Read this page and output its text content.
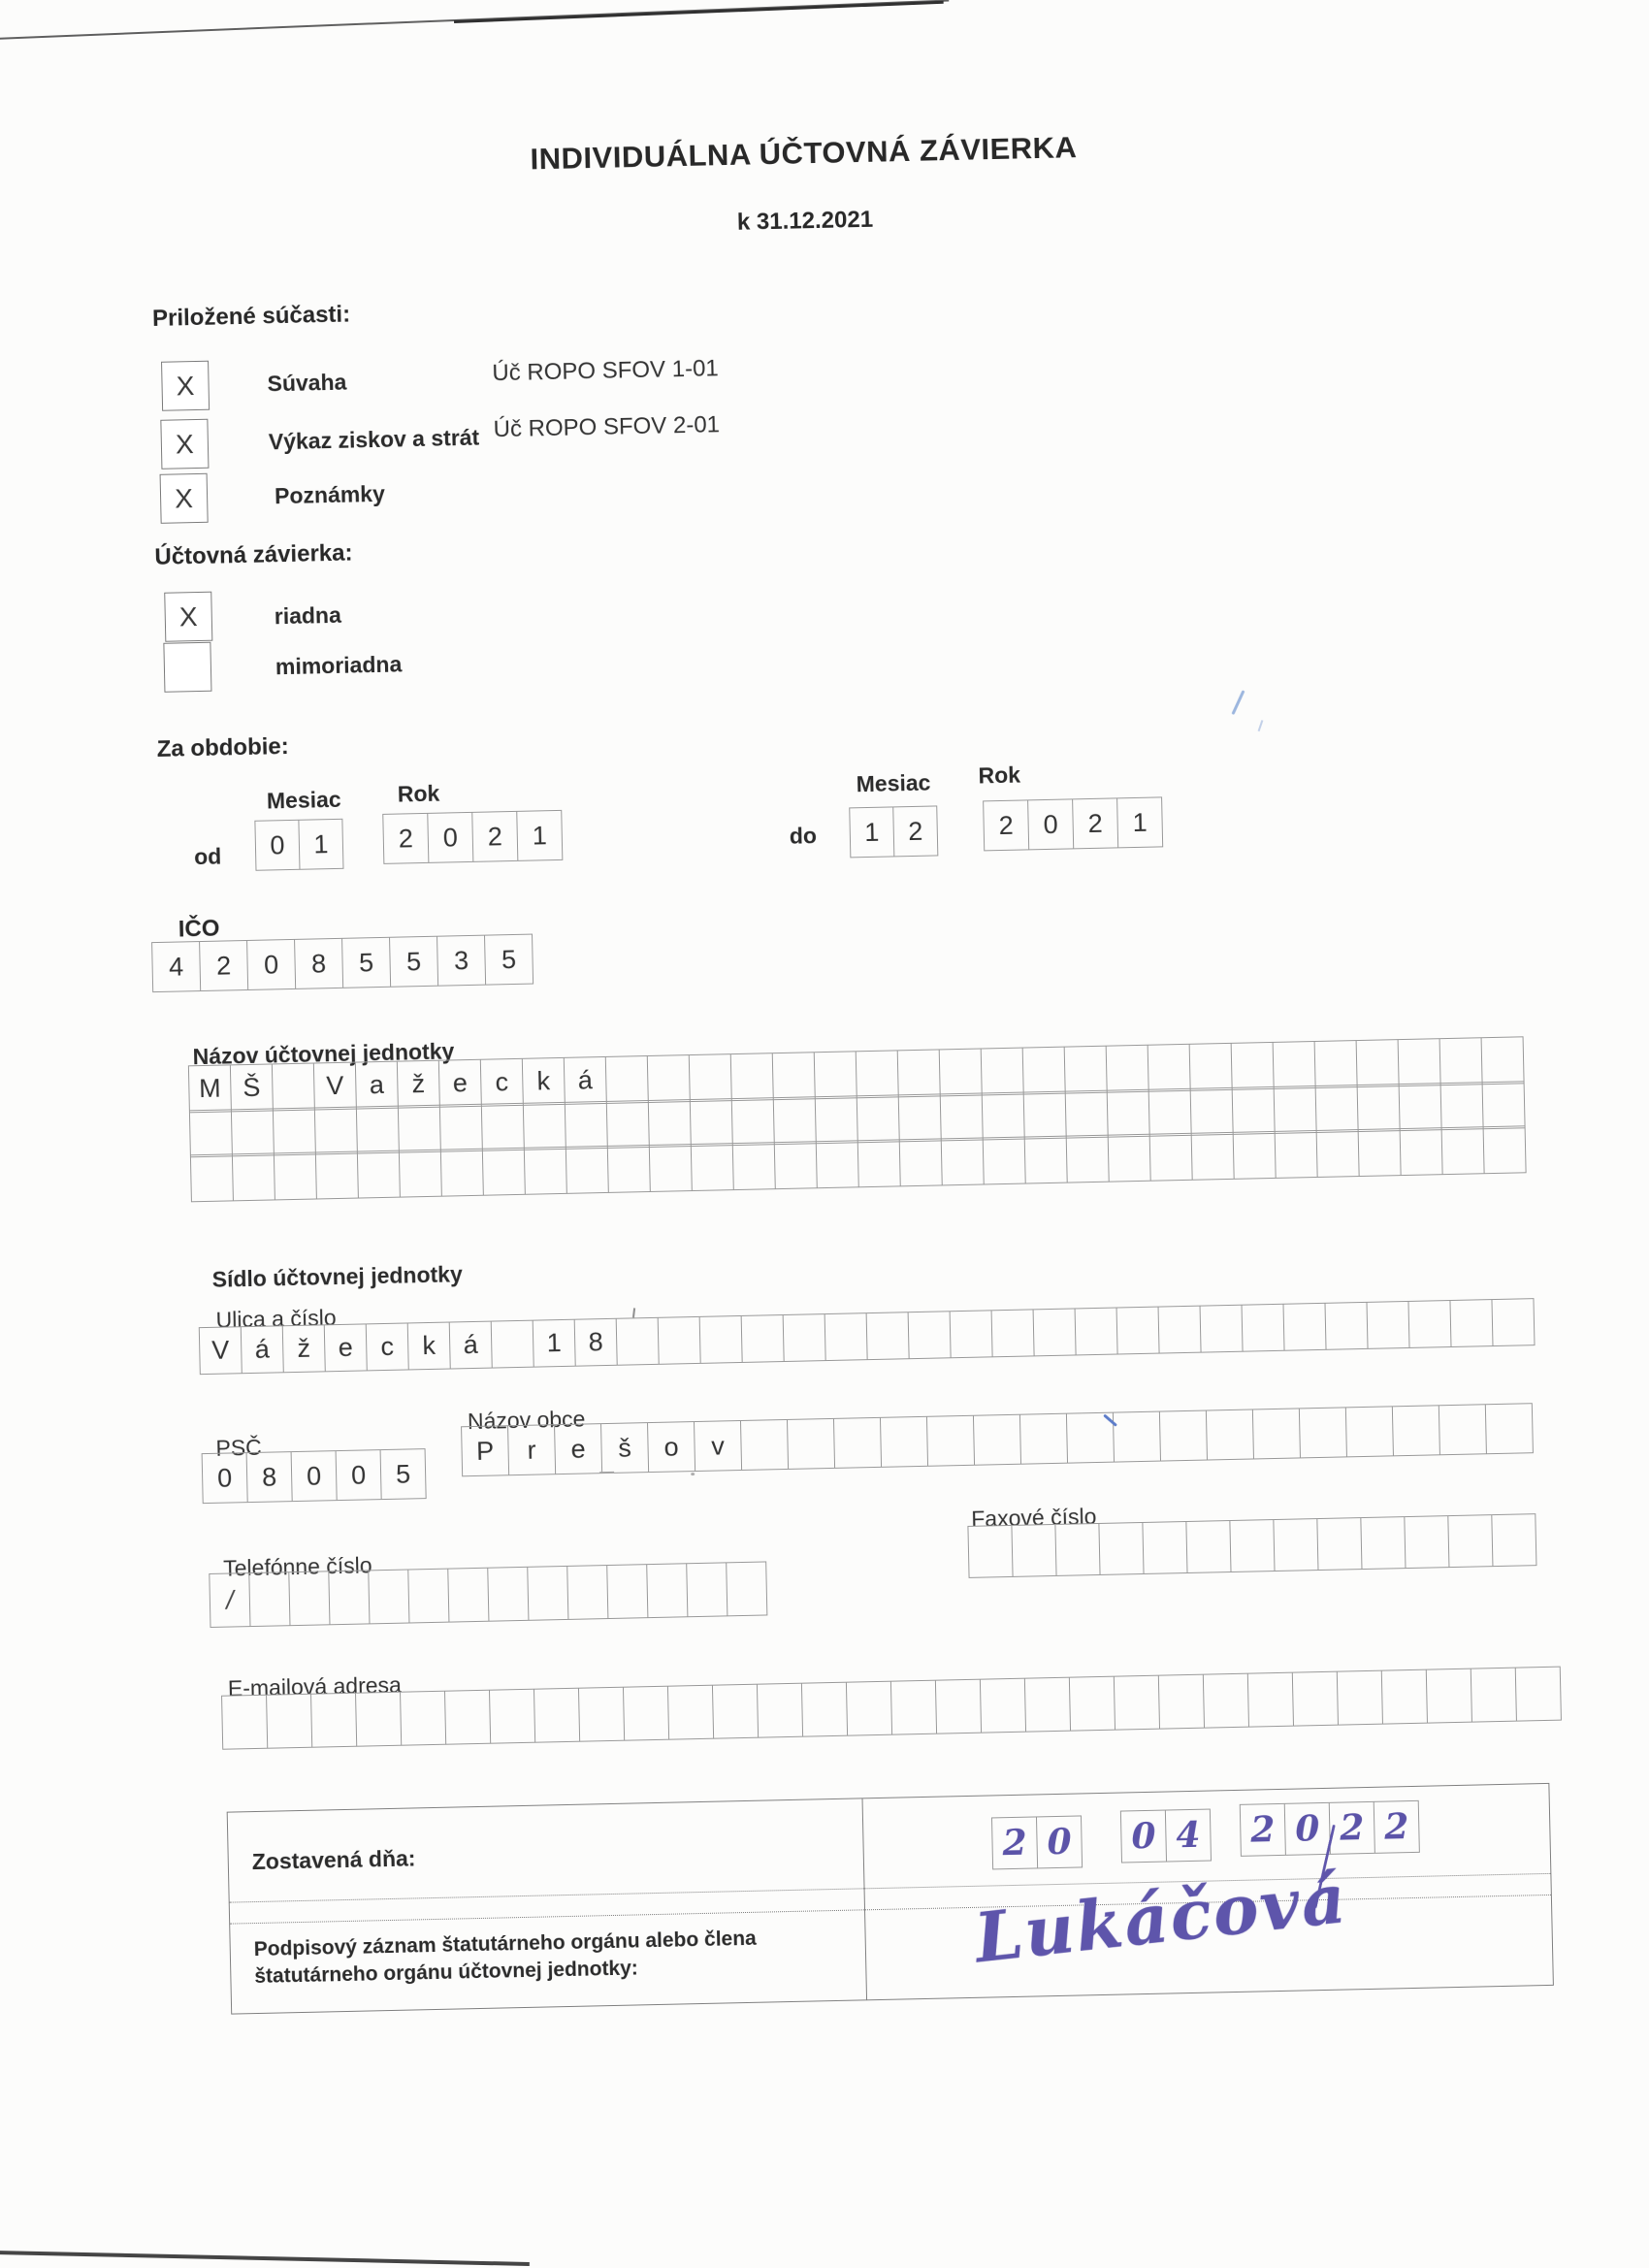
INDIVIDUÁLNA ÚČTOVNÁ ZÁVIERKA
k 31.12.2021
Priložené súčasti:
X	Súvaha	Úč ROPO SFOV 1-01
X	Výkaz ziskov a strát Úč ROPO SFOV 2-01
X	Poznámky
Účtovná závierka:
X	riadna
mimoriadna
Za obdobie:
Mesiac	Rok
od	0	1	2	0	2	1
Mesiac Rok
do	1	2	2	0	2	1
IČO
4	2	0	8	5	5	3	5
Názov účtovnej jednotky
M Š	V a	ž	e	c	k	á
Sídlo účtovnej jednotky
Ulica a číslo
V á	ž	e	c	k	á	1	8
PSČ
0	8	0	0	5
Názov obce
P	r	e	š	o	v
Faxové číslo
Telefónne číslo
/
E-mailová adresa
Zostavená dňa:
Podpisový záznam štatutárneho orgánu alebo člena štatutárneho orgánu účtovnej jednotky:
2 0	0 4	2 0 2 2
Lukáčová
